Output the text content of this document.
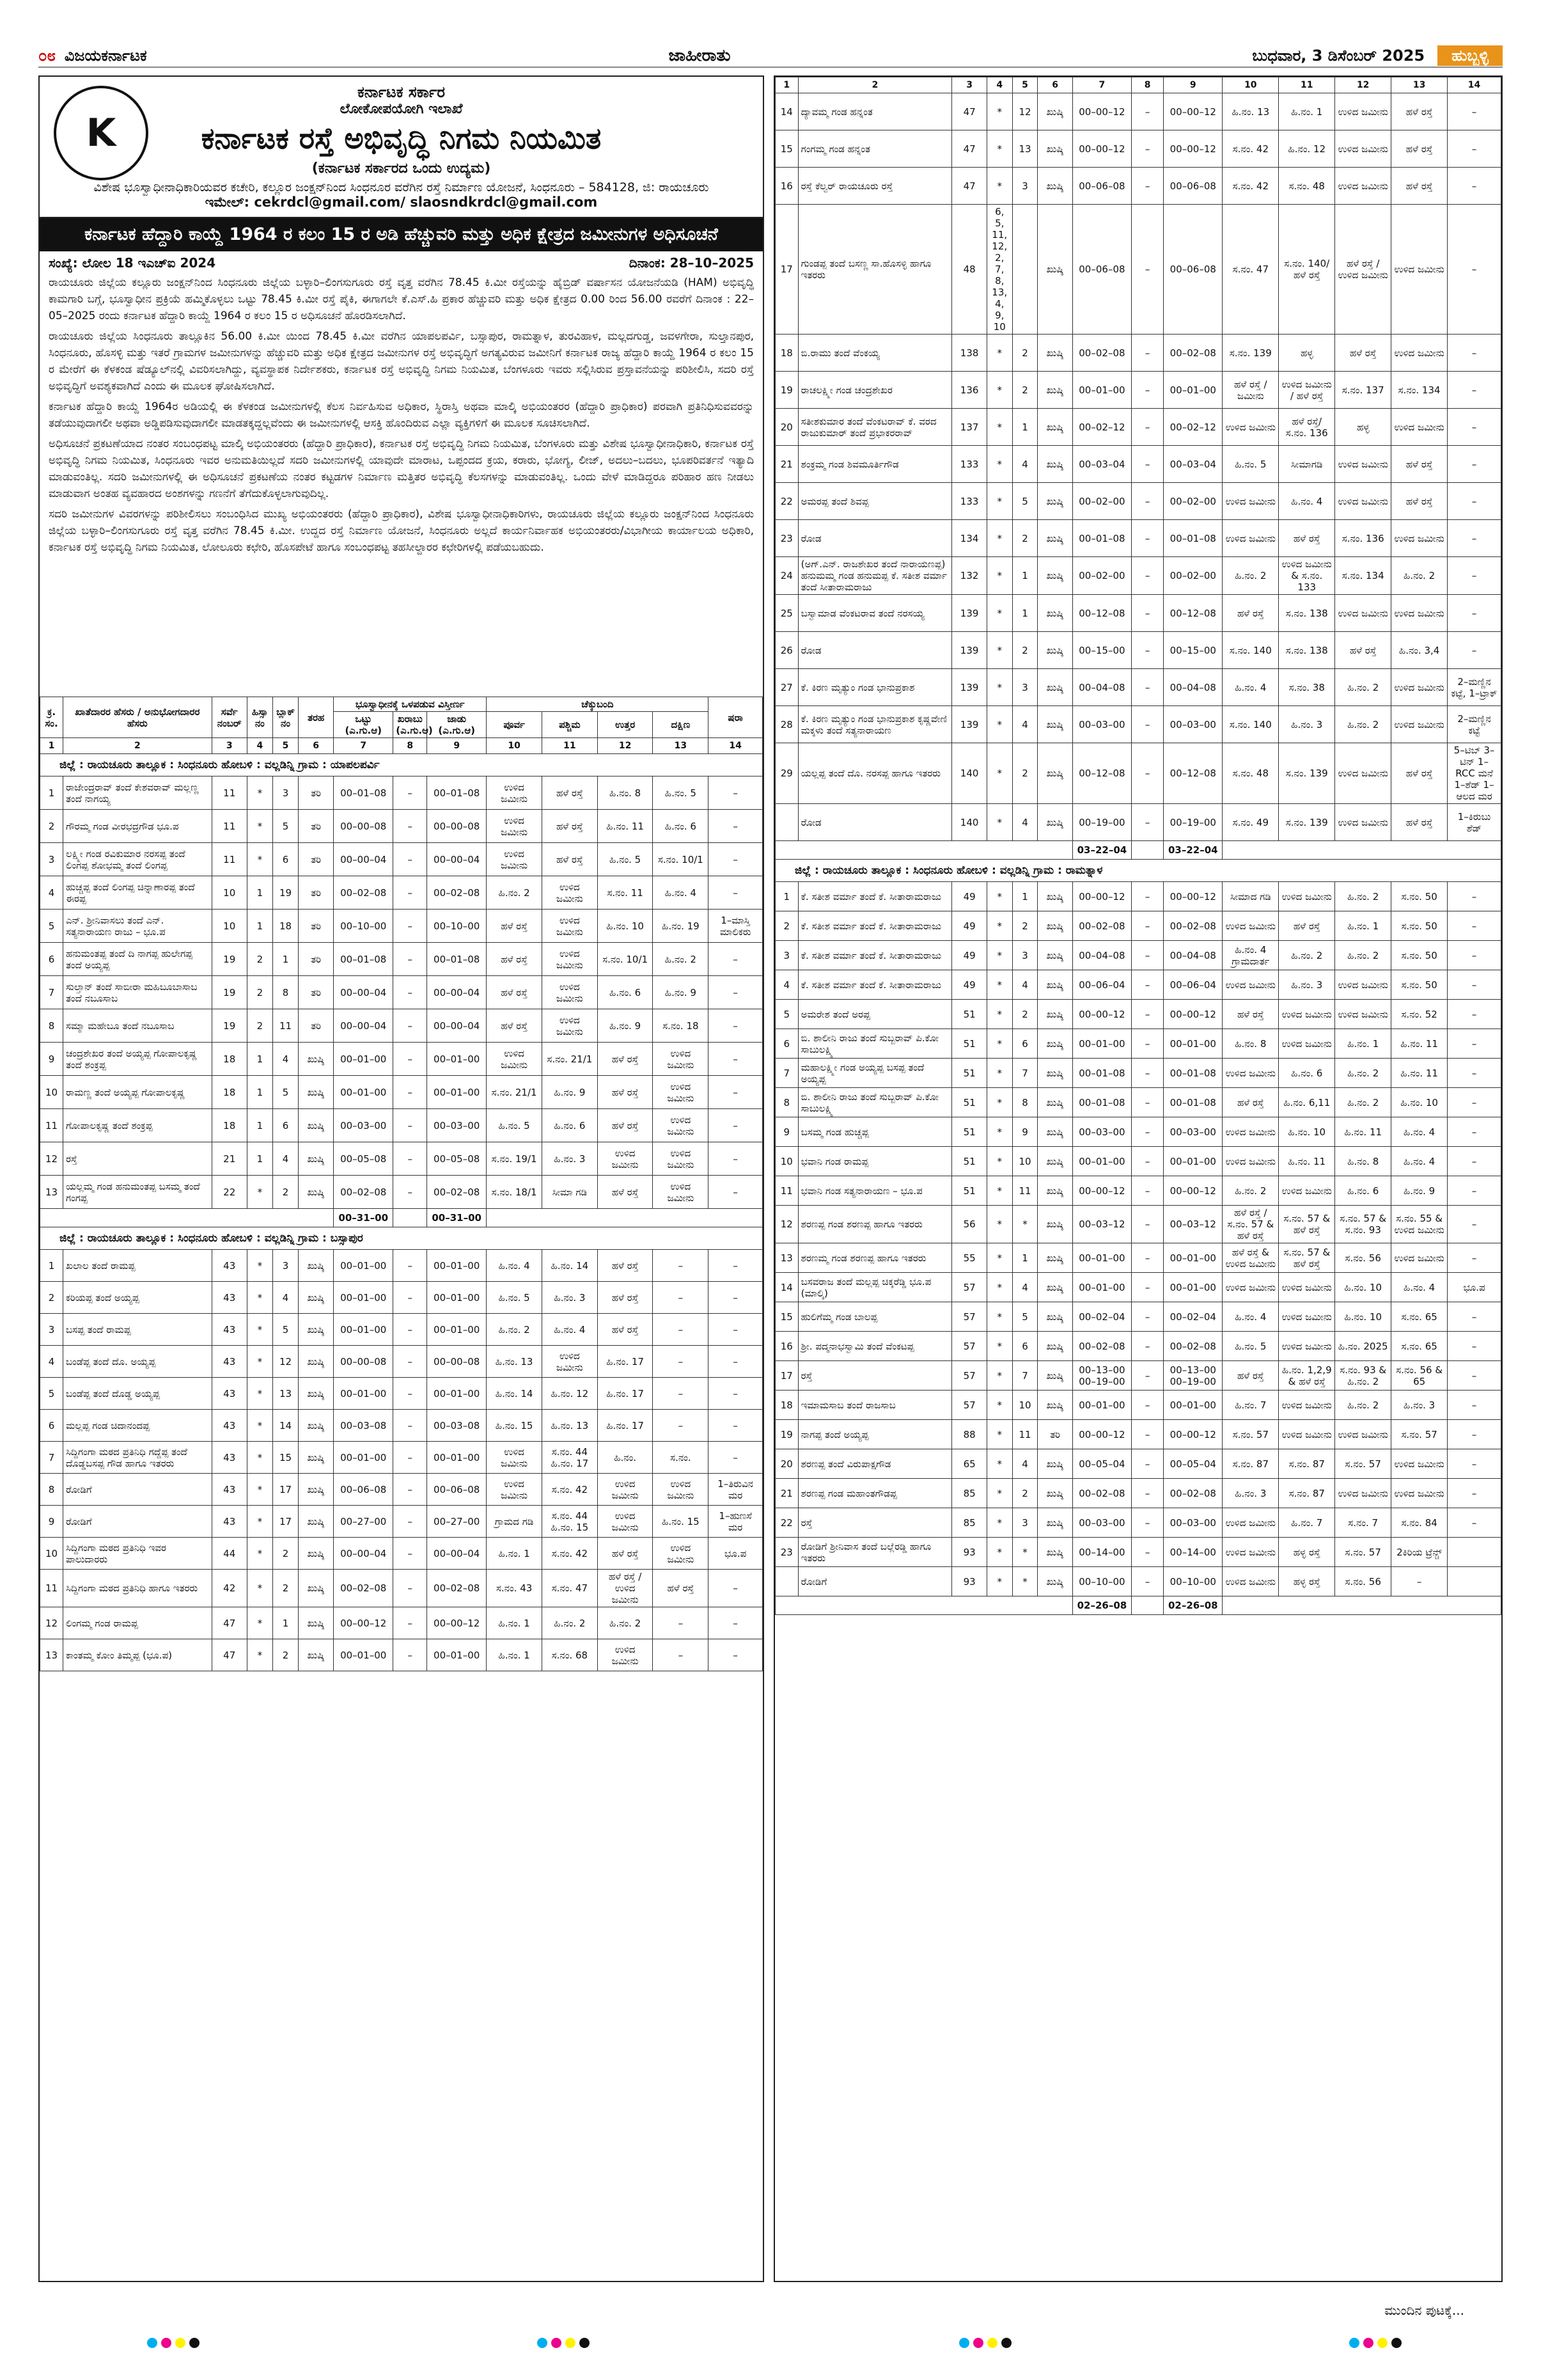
೦೮ ವಿಜಯಕರ್ನಾಟಕ	ಜಾಹೀರಾತು	ಬುಧವಾರ, 3 ಡಿಸೆಂಬರ್ 2025	ಹುಬ್ಬಳ್ಳಿ
K
ಕರ್ನಾಟಕ ಸರ್ಕಾರ
ಲೋಕೋಪಯೋಗಿ ಇಲಾಖೆ
ಕರ್ನಾಟಕ ರಸ್ತೆ ಅಭಿವೃದ್ಧಿ ನಿಗಮ ನಿಯಮಿತ
(ಕರ್ನಾಟಕ ಸರ್ಕಾರದ ಒಂದು ಉದ್ಯಮ)
ವಿಶೇಷ ಭೂಸ್ವಾಧೀನಾಧಿಕಾರಿಯವರ ಕಚೇರಿ, ಕಲ್ಲೂರ ಜಂಕ್ಷನ್‌ನಿಂದ ಸಿಂಧನೂರ ವರೆಗಿನ ರಸ್ತೆ ನಿರ್ಮಾಣ ಯೋಜನೆ, ಸಿಂಧನೂರು – 584128, ಜಿ: ರಾಯಚೂರು
ಇಮೇಲ್: cekrdcl@gmail.com/ slaosndkrdcl@gmail.com
ಕರ್ನಾಟಕ ಹೆದ್ದಾರಿ ಕಾಯ್ದೆ 1964 ರ ಕಲಂ 15 ರ ಅಡಿ ಹೆಚ್ಚುವರಿ ಮತ್ತು ಅಧಿಕ ಕ್ಷೇತ್ರದ ಜಮೀನುಗಳ ಅಧಿಸೂಚನೆ
ಸಂಖ್ಯೆ: ಲೋಲ 18 ಇಎಚ್‌ಐ 2024	ದಿನಾಂಕ: 28–10–2025

ರಾಯಚೂರು ಜಿಲ್ಲೆಯ ಕಲ್ಲೂರು ಜಂಕ್ಷನ್‌ನಿಂದ ಸಿಂಧನೂರು ಜಿಲ್ಲೆಯ ಬಳ್ಳಾರಿ–ಲಿಂಗಸುಗೂರು ರಸ್ತೆ ವೃತ್ತ ವರೆಗಿನ 78.45 ಕಿ.ಮೀ ರಸ್ತೆಯನ್ನು ಹೈಬ್ರಿಡ್ ವರ್ಷಾಸನ ಯೋಜನೆಯಡಿ (HAM) ಅಭಿವೃದ್ಧಿ ಕಾಮಗಾರಿ ಬಗ್ಗೆ, ಭೂಸ್ವಾಧೀನ ಪ್ರಕ್ರಿಯೆ ಹಮ್ಮಿಕೊಳ್ಳಲು ಒಟ್ಟು 78.45 ಕಿ.ಮೀ ರಸ್ತೆ ಪೈಕಿ, ಈಗಾಗಲೇ ಕೆ.ಎಸ್.ಹಿ ಪ್ರಕಾರ ಹೆಚ್ಚುವರಿ ಮತ್ತು ಅಧಿಕ ಕ್ಷೇತ್ರದ 0.00 ರಿಂದ 56.00 ರವರೆಗೆ ದಿನಾಂಕ : 22–05–2025 ರಂದು ಕರ್ನಾಟಕ ಹೆದ್ದಾರಿ ಕಾಯ್ದೆ 1964 ರ ಕಲಂ 15 ರ ಅಧಿಸೂಚನೆ ಹೊರಡಿಸಲಾಗಿದೆ.

ರಾಯಚೂರು ಜಿಲ್ಲೆಯ ಸಿಂಧನೂರು ತಾಲ್ಲೂಕಿನ 56.00 ಕಿ.ಮೀ ಯಿಂದ 78.45 ಕಿ.ಮೀ ವರೆಗಿನ ಯಾಪಲಪರ್ವಿ, ಬಸ್ಸಾಪುರ, ರಾಮತ್ನಾಳ, ತುರವಿಹಾಳ, ಮಲ್ಲದಗುಡ್ಡ, ಜವಳಗೇರಾ, ಸುಲ್ತಾನಪುರ, ಸಿಂಧನೂರು, ಹೊಸಳ್ಳಿ ಮತ್ತು ಇತರೆ ಗ್ರಾಮಗಳ ಜಮೀನುಗಳನ್ನು ಹೆಚ್ಚುವರಿ ಮತ್ತು ಅಧಿಕ ಕ್ಷೇತ್ರದ ಜಮೀನುಗಳ ರಸ್ತೆ ಅಭಿವೃದ್ಧಿಗೆ ಅಗತ್ಯವಿರುವ ಜಮೀನಿಗೆ ಕರ್ನಾಟಕ ರಾಜ್ಯ ಹೆದ್ದಾರಿ ಕಾಯ್ದೆ 1964 ರ ಕಲಂ 15 ರ ಮೇರೆಗೆ ಈ ಕೆಳಕಂಡ ಷೆಡ್ಯೂಲ್‌ನಲ್ಲಿ ವಿವರಿಸಲಾಗಿದ್ದು, ವ್ಯವಸ್ಥಾಪಕ ನಿರ್ದೇಶಕರು, ಕರ್ನಾಟಕ ರಸ್ತೆ ಅಭಿವೃದ್ಧಿ ನಿಗಮ ನಿಯಮಿತ, ಬೆಂಗಳೂರು ಇವರು ಸಲ್ಲಿಸಿರುವ ಪ್ರಸ್ತಾವನೆಯನ್ನು ಪರಿಶೀಲಿಸಿ, ಸದರಿ ರಸ್ತೆ ಅಭಿವೃದ್ಧಿಗೆ ಅವಶ್ಯಕವಾಗಿದೆ ಎಂದು ಈ ಮೂಲಕ ಘೋಷಿಸಲಾಗಿದೆ.

ಕರ್ನಾಟಕ ಹೆದ್ದಾರಿ ಕಾಯ್ದೆ 1964ರ ಅಡಿಯಲ್ಲಿ ಈ ಕೆಳಕಂಡ ಜಮೀನುಗಳಲ್ಲಿ ಕೆಲಸ ನಿರ್ವಹಿಸುವ ಅಧಿಕಾರ, ಸ್ಥಿರಾಸ್ತಿ ಅಥವಾ ಮಾಲ್ಕಿ ಅಭಿಯಂತರರ (ಹೆದ್ದಾರಿ ಪ್ರಾಧಿಕಾರ) ಪರವಾಗಿ ಪ್ರತಿನಿಧಿಸುವವರನ್ನು ತಡೆಯುವುದಾಗಲೀ ಅಥವಾ ಅಡ್ಡಿಪಡಿಸುವುದಾಗಲೀ ಮಾಡತಕ್ಕದ್ದಲ್ಲವೆಂದು ಈ ಜಮೀನುಗಳಲ್ಲಿ ಆಸಕ್ತಿ ಹೊಂದಿರುವ ಎಲ್ಲಾ ವ್ಯಕ್ತಿಗಳಿಗೆ ಈ ಮೂಲಕ ಸೂಚಿಸಲಾಗಿದೆ.

ಅಧಿಸೂಚನೆ ಪ್ರಕಟಣೆಯಾದ ನಂತರ ಸಂಬಂಧಪಟ್ಟ ಮಾಲ್ಕಿ ಅಭಿಯಂತರರು (ಹೆದ್ದಾರಿ ಪ್ರಾಧಿಕಾರ), ಕರ್ನಾಟಕ ರಸ್ತೆ ಅಭಿವೃದ್ಧಿ ನಿಗಮ ನಿಯಮಿತ, ಬೆಂಗಳೂರು ಮತ್ತು ವಿಶೇಷ ಭೂಸ್ವಾಧೀನಾಧಿಕಾರಿ, ಕರ್ನಾಟಕ ರಸ್ತೆ ಅಭಿವೃದ್ಧಿ ನಿಗಮ ನಿಯಮಿತ, ಸಿಂಧನೂರು ಇವರ ಅನುಮತಿಯಿಲ್ಲದೆ ಸದರಿ ಜಮೀನುಗಳಲ್ಲಿ ಯಾವುದೇ ಮಾರಾಟ, ಒಪ್ಪಂದದ ಕ್ರಯ, ಕರಾರು, ಭೋಗ್ಯ, ಲೀಜ್, ಅದಲು–ಬದಲು, ಭೂಪರಿವರ್ತನೆ ಇತ್ಯಾದಿ ಮಾಡುವಂತಿಲ್ಲ. ಸದರಿ ಜಮೀನುಗಳಲ್ಲಿ ಈ ಅಧಿಸೂಚನೆ ಪ್ರಕಟಣೆಯ ನಂತರ ಕಟ್ಟಡಗಳ ನಿರ್ಮಾಣ ಮತ್ತಿತರ ಅಭಿವೃದ್ಧಿ ಕೆಲಸಗಳನ್ನು ಮಾಡುವಂತಿಲ್ಲ. ಒಂದು ವೇಳೆ ಮಾಡಿದ್ದರೂ ಪರಿಹಾರ ಹಣ ನೀಡಲು ಮಾಡುವಾಗ ಅಂತಹ ವ್ಯವಹಾರದ ಅಂಶಗಳನ್ನು ಗಣನೆಗೆ ತೆಗೆದುಕೊಳ್ಳಲಾಗುವುದಿಲ್ಲ.

ಸದರಿ ಜಮೀನುಗಳ ವಿವರಗಳನ್ನು ಪರಿಶೀಲಿಸಲು ಸಂಬಂಧಿಸಿದ ಮುಖ್ಯ ಅಭಿಯಂತರರು (ಹೆದ್ದಾರಿ ಪ್ರಾಧಿಕಾರ), ವಿಶೇಷ ಭೂಸ್ವಾಧೀನಾಧಿಕಾರಿಗಳು, ರಾಯಚೂರು ಜಿಲ್ಲೆಯ ಕಲ್ಲೂರು ಜಂಕ್ಷನ್‌ನಿಂದ ಸಿಂಧನೂರು ಜಿಲ್ಲೆಯ ಬಳ್ಳಾರಿ–ಲಿಂಗಸುಗೂರು ರಸ್ತೆ ವೃತ್ತ ವರೆಗಿನ 78.45 ಕಿ.ಮೀ. ಉದ್ದದ ರಸ್ತೆ ನಿರ್ಮಾಣ ಯೋಜನೆ, ಸಿಂಧನೂರು ಅಲ್ಲದೆ ಕಾರ್ಯನಿರ್ವಾಹಕ ಅಭಿಯಂತರರು/ವಿಭಾಗೀಯ ಕಾರ್ಯಾಲಯ ಅಧಿಕಾರಿ, ಕರ್ನಾಟಕ ರಸ್ತೆ ಅಭಿವೃದ್ಧಿ ನಿಗಮ ನಿಯಮಿತ, ಲೋಲೂರು ಕಛೇರಿ, ಹೊಸಪೇಟೆ ಹಾಗೂ ಸಂಬಂಧಪಟ್ಟ ತಹಸೀಲ್ದಾರರ ಕಛೇರಿಗಳಲ್ಲಿ ಪಡೆಯಬಹುದು.

ಕ್ರ. ಸಂ.	ಖಾತೆದಾರರ ಹೆಸರು / ಅನುಭೋಗದಾರರ ಹೆಸರು	ಸರ್ವೆ ನಂಬರ್	ಹಿಸ್ಸಾ ನಂ	ಬ್ಲಾಕ್ ನಂ	ತರಹ	ಭೂಸ್ವಾಧೀನಕ್ಕೆ ಒಳಪಡುವ ವಿಸ್ತೀರ್ಣ			ಚೆಕ್ಕುಬಂದಿ				ಷರಾ
						ಒಟ್ಟು (ಎ.ಗು.ಆ)	ಖರಾಬು (ಎ.ಗು.ಆ)	ಜಾಡು (ಎ.ಗು.ಆ)	ಪೂರ್ವ	ಪಶ್ಚಿಮ	ಉತ್ತರ	ದಕ್ಷಿಣ	
1	2	3	4	5	6	7	8	9	10	11	12	13	14
ಜಿಲ್ಲೆ : ರಾಯಚೂರು ತಾಲ್ಲೂಕ : ಸಿಂಧನೂರು ಹೋಬಳಿ : ವಲ್ಲಡಿನ್ನಿ ಗ್ರಾಮ : ಯಾಪಲಪರ್ವಿ													
1	ರಾಜೇಂದ್ರರಾವ್ ತಂದೆ ಕೇಶವರಾವ್ ಮಲ್ಲಣ್ಣ ತಂದೆ ನಾಗಯ್ಯ	11	*	3	ತರಿ	00–01–08	–	00–01–08	ಉಳಿದ ಜಮೀನು	ಹಳೆ ರಸ್ತೆ	ಹಿ.ನಂ. 8	ಹಿ.ನಂ. 5	–
2	ಗೌರಮ್ಮ ಗಂಡ ವೀರಭದ್ರಗೌಡ ಭೂ.ಪ	11	*	5	ತರಿ	00–00–08	–	00–00–08	ಉಳಿದ ಜಮೀನು	ಹಳೆ ರಸ್ತೆ	ಹಿ.ನಂ. 11	ಹಿ.ನಂ. 6	–
3	ಲಕ್ಷ್ಮೀ ಗಂಡ ರವಿಕುಮಾರ ನರಸಪ್ಪ ತಂದೆ ಲಿಂಗಪ್ಪ ಶೋಭಮ್ಮ ತಂದೆ ಲಿಂಗಪ್ಪ	11	*	6	ತರಿ	00–00–04	–	00–00–04	ಉಳಿದ ಜಮೀನು	ಹಳೆ ರಸ್ತೆ	ಹಿ.ನಂ. 5	ಸ.ನಂ. 10/1	–
4	ಹುಚ್ಚಪ್ಪ ತಂದೆ ಲಿಂಗಪ್ಪ ಚಿನ್ನಾಣಾರಪ್ಪ ತಂದೆ ಈರಪ್ಪ	10	1	19	ತರಿ	00–02–08	–	00–02–08	ಹಿ.ನಂ. 2	ಉಳಿದ ಜಮೀನು	ಸ.ನಂ. 11	ಹಿ.ನಂ. 4	–
5	ಎನ್. ಶ್ರೀನಿವಾಸಲು ತಂದೆ ಎನ್. ಸತ್ಯನಾರಾಯಣ ರಾಜು – ಭೂ.ಪ	10	1	18	ತರಿ	00–10–00	–	00–10–00	ಹಳೆ ರಸ್ತೆ	ಉಳಿದ ಜಮೀನು	ಹಿ.ನಂ. 10	ಹಿ.ನಂ. 19	1–ಮಾಸ್ತಿ ಮಾಲಿಕರು
6	ಹನುಮಂತಪ್ಪ ತಂದೆ ದಿ ನಾಗಪ್ಪ ಹುಲೇಗಪ್ಪ ತಂದೆ ಅಯ್ಯಪ್ಪ	19	2	1	ತರಿ	00–01–08	–	00–01–08	ಹಳೆ ರಸ್ತೆ	ಉಳಿದ ಜಮೀನು	ಸ.ನಂ. 10/1	ಹಿ.ನಂ. 2	–
7	ಸುಲ್ತಾನ್ ತಂದೆ ಸಾಬೀರಾ ಮಹಿಬೂಬಾಸಾಬ ತಂದೆ ನಬೂಸಾಬ	19	2	8	ತರಿ	00–00–04	–	00–00–04	ಹಳೆ ರಸ್ತೆ	ಉಳಿದ ಜಮೀನು	ಹಿ.ನಂ. 6	ಹಿ.ನಂ. 9	–
8	ಸಮ್ಮಾ ಮಹೇಬೂ ತಂದೆ ನಬೂಸಾಬ	19	2	11	ತರಿ	00–00–04	–	00–00–04	ಹಳೆ ರಸ್ತೆ	ಉಳಿದ ಜಮೀನು	ಹಿ.ನಂ. 9	ಸ.ನಂ. 18	–
9	ಚಂದ್ರಶೇಖರ ತಂದೆ ಅಯ್ಯಪ್ಪ ಗೋಪಾಲಕೃಷ್ಣ ತಂದೆ ಶಂಕ್ರಪ್ಪ	18	1	4	ಖುಷ್ಕಿ	00–01–00	–	00–01–00	ಉಳಿದ ಜಮೀನು	ಸ.ನಂ. 21/1	ಹಳೆ ರಸ್ತೆ	ಉಳಿದ ಜಮೀನು	–
10	ರಾಮಣ್ಣ ತಂದೆ ಅಯ್ಯಪ್ಪ ಗೋಪಾಲಕೃಷ್ಣ	18	1	5	ಖುಷ್ಕಿ	00–01–00	–	00–01–00	ಸ.ನಂ. 21/1	ಹಿ.ನಂ. 9	ಹಳೆ ರಸ್ತೆ	ಉಳಿದ ಜಮೀನು	–
11	ಗೋಪಾಲಕೃಷ್ಣ ತಂದೆ ಶಂಕ್ರಪ್ಪ	18	1	6	ಖುಷ್ಕಿ	00–03–00	–	00–03–00	ಹಿ.ನಂ. 5	ಹಿ.ನಂ. 6	ಹಳೆ ರಸ್ತೆ	ಉಳಿದ ಜಮೀನು	–
12	ರಸ್ತೆ	21	1	4	ಖುಷ್ಕಿ	00–05–08	–	00–05–08	ಸ.ನಂ. 19/1	ಹಿ.ನಂ. 3	ಉಳಿದ ಜಮೀನು	ಉಳಿದ ಜಮೀನು	–
13	ಯಲ್ಲಮ್ಮ ಗಂಡ ಹನುಮಂತಪ್ಪ ಬಸಮ್ಮ ತಂದೆ ಗಂಗಪ್ಪ	22	*	2	ಖುಷ್ಕಿ	00–02–08	–	00–02–08	ಸ.ನಂ. 18/1	ಸೀಮಾ ಗಡಿ	ಹಳೆ ರಸ್ತೆ	ಉಳಿದ ಜಮೀನು	–
						00–31–00		00–31–00					
ಜಿಲ್ಲೆ : ರಾಯಚೂರು ತಾಲ್ಲೂಕ : ಸಿಂಧನೂರು ಹೋಬಳಿ : ವಲ್ಲಡಿನ್ನಿ ಗ್ರಾಮ : ಬಸ್ಸಾಪುರ													
1	ಖಲಾಲ ತಂದೆ ರಾಮಪ್ಪ	43	*	3	ಖುಷ್ಕಿ	00–01–00	–	00–01–00	ಹಿ.ನಂ. 4	ಹಿ.ನಂ. 14	ಹಳೆ ರಸ್ತೆ	–	–
2	ಕರಿಯಪ್ಪ ತಂದೆ ಅಯ್ಯಪ್ಪ	43	*	4	ಖುಷ್ಕಿ	00–01–00	–	00–01–00	ಹಿ.ನಂ. 5	ಹಿ.ನಂ. 3	ಹಳೆ ರಸ್ತೆ	–	–
3	ಬಸಪ್ಪ ತಂದೆ ರಾಮಪ್ಪ	43	*	5	ಖುಷ್ಕಿ	00–01–00	–	00–01–00	ಹಿ.ನಂ. 2	ಹಿ.ನಂ. 4	ಹಳೆ ರಸ್ತೆ	–	–
4	ಬಂಡೆಪ್ಪ ತಂದೆ ದೊ. ಅಯ್ಯಪ್ಪ	43	*	12	ಖುಷ್ಕಿ	00–00–08	–	00–00–08	ಹಿ.ನಂ. 13	ಉಳಿದ ಜಮೀನು	ಹಿ.ನಂ. 17	–	–
5	ಬಂಡೆಪ್ಪ ತಂದೆ ದೊಡ್ಡ ಅಯ್ಯಪ್ಪ	43	*	13	ಖುಷ್ಕಿ	00–01–00	–	00–01–00	ಹಿ.ನಂ. 14	ಹಿ.ನಂ. 12	ಹಿ.ನಂ. 17	–	–
6	ಮಲ್ಲಪ್ಪ ಗಂಡ ಚಿದಾನಂದಪ್ಪ	43	*	14	ಖುಷ್ಕಿ	00–03–08	–	00–03–08	ಹಿ.ನಂ. 15	ಹಿ.ನಂ. 13	ಹಿ.ನಂ. 17	–	–
7	ಸಿದ್ದಿಗಂಗಾ ಮಠದ ಪ್ರತಿನಿಧಿ ಗದ್ದೆಪ್ಪ ತಂದೆ ದೊಡ್ಡಬಸಪ್ಪ ಗೌಡ ಹಾಗೂ ಇತರರು	43	*	15	ಖುಷ್ಕಿ	00–01–00	–	00–01–00	ಉಳಿದ ಜಮೀನು	ಸ.ನಂ. 44 ಹಿ.ನಂ. 17	ಹಿ.ನಂ.	ಸ.ನಂ.	–
8	ರೋಡಿಗೆ	43	*	17	ಖುಷ್ಕಿ	00–06–08	–	00–06–08	ಉಳಿದ ಜಮೀನು	ಸ.ನಂ. 42	ಉಳಿದ ಜಮೀನು	ಉಳಿದ ಜಮೀನು	1–ತಿರುವಿನ ಮರ
9	ರೋಡಿಗೆ	43	*	17	ಖುಷ್ಕಿ	00–27–00	–	00–27–00	ಗ್ರಾಮದ ಗಡಿ	ಸ.ನಂ. 44 ಹಿ.ನಂ. 15	ಉಳಿದ ಜಮೀನು	ಹಿ.ನಂ. 15	1–ಹುಣಸೆ ಮರ
10	ಸಿದ್ದಿಗಂಗಾ ಮಠದ ಪ್ರತಿನಿಧಿ ಇವರ ಪಾಲುದಾರರು	44	*	2	ಖುಷ್ಕಿ	00–00–04	–	00–00–04	ಹಿ.ನಂ. 1	ಸ.ನಂ. 42	ಹಳೆ ರಸ್ತೆ	ಉಳಿದ ಜಮೀನು	ಭೂ.ಪ
11	ಸಿದ್ದಿಗಂಗಾ ಮಠದ ಪ್ರತಿನಿಧಿ ಹಾಗೂ ಇತರರು	42	*	2	ಖುಷ್ಕಿ	00–02–08	–	00–02–08	ಸ.ನಂ. 43	ಸ.ನಂ. 47	ಹಳೆ ರಸ್ತೆ / ಉಳಿದ ಜಮೀನು	ಹಳೆ ರಸ್ತೆ	–
12	ಲಿಂಗಮ್ಮ ಗಂಡ ರಾಮಪ್ಪ	47	*	1	ಖುಷ್ಕಿ	00–00–12	–	00–00–12	ಹಿ.ನಂ. 1	ಹಿ.ನಂ. 2	ಹಿ.ನಂ. 2	–	–
13	ಕಾಂತಮ್ಮ ಕೋಂ ತಿಮ್ಮಪ್ಪ (ಭೂ.ಪ)	47	*	2	ಖುಷ್ಕಿ	00–01–00	–	00–01–00	ಹಿ.ನಂ. 1	ಸ.ನಂ. 68	ಉಳಿದ ಜಮೀನು	–	–
1	2	3	4	5	6	7	8	9	10	11	12	13	14
14	ದ್ಯಾವಮ್ಮ ಗಂಡ ಹನ್ನಂತ	47	*	12	ಖುಷ್ಕಿ	00–00–12	–	00–00–12	ಹಿ.ನಂ. 13	ಹಿ.ನಂ. 1	ಉಳಿದ ಜಮೀನು	ಹಳೆ ರಸ್ತೆ	–
15	ಗಂಗಮ್ಮ ಗಂಡ ಹನ್ನಂತ	47	*	13	ಖುಷ್ಕಿ	00–00–12	–	00–00–12	ಸ.ನಂ. 42	ಹಿ.ನಂ. 12	ಉಳಿದ ಜಮೀನು	ಹಳೆ ರಸ್ತೆ	–
16	ರಸ್ತೆ ಕೆಲ್ವರ್ ರಾಯಚೂರು ರಸ್ತೆ	47	*	3	ಖುಷ್ಕಿ	00–06–08	–	00–06–08	ಸ.ನಂ. 42	ಸ.ನಂ. 48	ಉಳಿದ ಜಮೀನು	ಹಳೆ ರಸ್ತೆ	–
17	ಗುಂಡಪ್ಪ ತಂದೆ ಬಸಣ್ಣ ಸಾ.ಹೊಸಳ್ಳಿ ಹಾಗೂ ಇತರರು	48	6, 5, 11, 12, 2, 7, 8, 13, 4, 9, 10		ಖುಷ್ಕಿ	00–06–08	–	00–06–08	ಸ.ನಂ. 47	ಸ.ನಂ. 140/ ಹಳೆ ರಸ್ತೆ	ಹಳೆ ರಸ್ತೆ / ಉಳಿದ ಜಮೀನು	ಉಳಿದ ಜಮೀನು	–
18	ಬಿ.ರಾಮು ತಂದೆ ವೆಂಕಯ್ಯ	138	*	2	ಖುಷ್ಕಿ	00–02–08	–	00–02–08	ಸ.ನಂ. 139	ಹಳ್ಳ	ಹಳೆ ರಸ್ತೆ	ಉಳಿದ ಜಮೀನು	–
19	ರಾಚಲಕ್ಷ್ಮೀ ಗಂಡ ಚಂದ್ರಶೇಖರ	136	*	2	ಖುಷ್ಕಿ	00–01–00	–	00–01–00	ಹಳೆ ರಸ್ತೆ / ಜಮೀನು	ಉಳಿದ ಜಮೀನು / ಹಳೆ ರಸ್ತೆ	ಸ.ನಂ. 137	ಸ.ನಂ. 134	–
20	ಸತೀಶಕುಮಾರ ತಂದೆ ವೆಂಕಟರಾವ್ ಕೆ. ವರದ ರಾಜುಕುಮಾರ್ ತಂದೆ ಪ್ರಭಾಕರರಾವ್	137	*	1	ಖುಷ್ಕಿ	00–02–12	–	00–02–12	ಉಳಿದ ಜಮೀನು	ಹಳೆ ರಸ್ತೆ/ಸ.ನಂ. 136	ಹಳ್ಳ	ಉಳಿದ ಜಮೀನು	–
21	ಶಂಕ್ರಮ್ಮ ಗಂಡ ಶಿವಮೂರ್ತಿಗೌಡ	133	*	4	ಖುಷ್ಕಿ	00–03–04	–	00–03–04	ಹಿ.ನಂ. 5	ಸೀಮಾಗಡಿ	ಉಳಿದ ಜಮೀನು	ಹಳೆ ರಸ್ತೆ	–
22	ಅಮರಪ್ಪ ತಂದೆ ಶಿವಪ್ಪ	133	*	5	ಖುಷ್ಕಿ	00–02–00	–	00–02–00	ಉಳಿದ ಜಮೀನು	ಹಿ.ನಂ. 4	ಉಳಿದ ಜಮೀನು	ಹಳೆ ರಸ್ತೆ	–
23	ರೋಡ	134	*	2	ಖುಷ್ಕಿ	00–01–08	–	00–01–08	ಉಳಿದ ಜಮೀನು	ಹಳೆ ರಸ್ತೆ	ಸ.ನಂ. 136	ಉಳಿದ ಜಮೀನು	–
24	(ಅಗ್.ಎನ್. ರಾಜಶೇಖರ ತಂದೆ ನಾರಾಯಣಪ್ಪ) ಹನುಮಮ್ಮ ಗಂಡ ಹನುಮಪ್ಪ ಕೆ. ಸತೀಶ ವರ್ಮಾ ತಂದೆ ಸೀತಾರಾಮರಾಜು	132	*	1	ಖುಷ್ಕಿ	00–02–00	–	00–02–00	ಹಿ.ನಂ. 2	ಉಳಿದ ಜಮೀನು & ಸ.ನಂ. 133	ಸ.ನಂ. 134	ಹಿ.ನಂ. 2	–
25	ಬಸ್ವಾಮಾಡ ವೆಂಕಟರಾವ ತಂದೆ ನರಸಯ್ಯ	139	*	1	ಖುಷ್ಕಿ	00–12–08	–	00–12–08	ಹಳೆ ರಸ್ತೆ	ಸ.ನಂ. 138	ಉಳಿದ ಜಮೀನು	ಉಳಿದ ಜಮೀನು	–
26	ರೋಡ	139	*	2	ಖುಷ್ಕಿ	00–15–00	–	00–15–00	ಸ.ನಂ. 140	ಸ.ನಂ. 138	ಹಳೆ ರಸ್ತೆ	ಹಿ.ನಂ. 3,4	–
27	ಕೆ. ಕಿರಣ ಮೃತ್ಯುಂ ಗಂಡ ಭಾನುಪ್ರಕಾಶ	139	*	3	ಖುಷ್ಕಿ	00–04–08	–	00–04–08	ಹಿ.ನಂ. 4	ಸ.ನಂ. 38	ಹಿ.ನಂ. 2	ಉಳಿದ ಜಮೀನು	2–ಮಣ್ಣಿನ ಕಟ್ಟೆ, 1–ಟ್ರಾಕ್
28	ಕೆ. ಕಿರಣ ಮೃತ್ಯುಂ ಗಂಡ ಭಾನುಪ್ರಕಾಶ ಕೃಷ್ಣವೇಣಿ ಮಕ್ಕಳು ತಂದೆ ಸತ್ಯನಾರಾಯಣ	139	*	4	ಖುಷ್ಕಿ	00–03–00	–	00–03–00	ಸ.ನಂ. 140	ಹಿ.ನಂ. 3	ಹಿ.ನಂ. 2	ಉಳಿದ ಜಮೀನು	2–ಮಣ್ಣಿನ ಕಟ್ಟೆ
29	ಯಲ್ಲಪ್ಪ ತಂದೆ ದೊ. ನರಸಪ್ಪ ಹಾಗೂ ಇತರರು	140	*	2	ಖುಷ್ಕಿ	00–12–08	–	00–12–08	ಸ.ನಂ. 48	ಸ.ನಂ. 139	ಉಳಿದ ಜಮೀನು	ಹಳೆ ರಸ್ತೆ	5–ಟಿಬ್ 3–ಟಿನ್ 1–RCC ಮನೆ 1–ಶೆಡ್ 1–ಆಲದ ಮರ
	ರೋಡ	140	*	4	ಖುಷ್ಕಿ	00–19–00	–	00–19–00	ಸ.ನಂ. 49	ಸ.ನಂ. 139	ಉಳಿದ ಜಮೀನು	ಹಳೆ ರಸ್ತೆ	1–ಕಿರುಬು ಶೆಡ್
						03–22–04		03–22–04					
ಜಿಲ್ಲೆ : ರಾಯಚೂರು ತಾಲ್ಲೂಕ : ಸಿಂಧನೂರು ಹೋಬಳಿ : ವಲ್ಲಡಿನ್ನಿ ಗ್ರಾಮ : ರಾಮತ್ನಾಳ													
1	ಕೆ. ಸತೀಶ ವರ್ಮಾ ತಂದೆ ಕೆ. ಸೀತಾರಾಮರಾಜು	49	*	1	ಖುಷ್ಕಿ	00–00–12	–	00–00–12	ಸೀಮಾದ ಗಡಿ	ಉಳಿದ ಜಮೀನು	ಹಿ.ನಂ. 2	ಸ.ನಂ. 50	–
2	ಕೆ. ಸತೀಶ ವರ್ಮಾ ತಂದೆ ಕೆ. ಸೀತಾರಾಮರಾಜು	49	*	2	ಖುಷ್ಕಿ	00–02–08	–	00–02–08	ಉಳಿದ ಜಮೀನು	ಹಳೆ ರಸ್ತೆ	ಹಿ.ನಂ. 1	ಸ.ನಂ. 50	–
3	ಕೆ. ಸತೀಶ ವರ್ಮಾ ತಂದೆ ಕೆ. ಸೀತಾರಾಮರಾಜು	49	*	3	ಖುಷ್ಕಿ	00–04–08	–	00–04–08	ಹಿ.ನಂ. 4 ಗ್ರಾಮದಾರ್ತ	ಹಿ.ನಂ. 2	ಹಿ.ನಂ. 2	ಸ.ನಂ. 50	–
4	ಕೆ. ಸತೀಶ ವರ್ಮಾ ತಂದೆ ಕೆ. ಸೀತಾರಾಮರಾಜು	49	*	4	ಖುಷ್ಕಿ	00–06–04	–	00–06–04	ಉಳಿದ ಜಮೀನು	ಹಿ.ನಂ. 3	ಉಳಿದ ಜಮೀನು	ಸ.ನಂ. 50	–
5	ಅಮರೇಶ ತಂದೆ ಅರಪ್ಪ	51	*	2	ಖುಷ್ಕಿ	00–00–12	–	00–00–12	ಹಳೆ ರಸ್ತೆ	ಉಳಿದ ಜಮೀನು	ಉಳಿದ ಜಮೀನು	ಸ.ನಂ. 52	–
6	ಬಿ. ಶಾಲೀನಿ ರಾಜು ತಂದೆ ಸುಬ್ಬರಾವ್ ಪಿ.ಕೋ ಸಾಬುಲಕ್ಷ್ಮಿ	51	*	6	ಖುಷ್ಕಿ	00–01–00	–	00–01–00	ಹಿ.ನಂ. 8	ಉಳಿದ ಜಮೀನು	ಹಿ.ನಂ. 1	ಹಿ.ನಂ. 11	–
7	ಮಹಾಲಕ್ಷ್ಮೀ ಗಂಡ ಅಯ್ಯಪ್ಪ ಬಸಪ್ಪ ತಂದೆ ಅಯ್ಯಪ್ಪ	51	*	7	ಖುಷ್ಕಿ	00–01–08	–	00–01–08	ಉಳಿದ ಜಮೀನು	ಹಿ.ನಂ. 6	ಹಿ.ನಂ. 2	ಹಿ.ನಂ. 11	–
8	ಬಿ. ಶಾಲೀನಿ ರಾಜು ತಂದೆ ಸುಬ್ಬರಾವ್ ಪಿ.ಕೋ ಸಾಬುಲಕ್ಷ್ಮಿ	51	*	8	ಖುಷ್ಕಿ	00–01–08	–	00–01–08	ಹಳೆ ರಸ್ತೆ	ಹಿ.ನಂ. 6,11	ಹಿ.ನಂ. 2	ಹಿ.ನಂ. 10	–
9	ಬಸಮ್ಮ ಗಂಡ ಹುಚ್ಚಪ್ಪ	51	*	9	ಖುಷ್ಕಿ	00–03–00	–	00–03–00	ಉಳಿದ ಜಮೀನು	ಹಿ.ನಂ. 10	ಹಿ.ನಂ. 11	ಹಿ.ನಂ. 4	–
10	ಭವಾನಿ ಗಂಡ ರಾಮಪ್ಪ	51	*	10	ಖುಷ್ಕಿ	00–01–00	–	00–01–00	ಉಳಿದ ಜಮೀನು	ಹಿ.ನಂ. 11	ಹಿ.ನಂ. 8	ಹಿ.ನಂ. 4	–
11	ಭವಾನಿ ಗಂಡ ಸತ್ಯನಾರಾಯಣ – ಭೂ.ಪ	51	*	11	ಖುಷ್ಕಿ	00–00–12	–	00–00–12	ಹಿ.ನಂ. 2	ಉಳಿದ ಜಮೀನು	ಹಿ.ನಂ. 6	ಹಿ.ನಂ. 9	–
12	ಶರಣಪ್ಪ ಗಂಡ ಶರಣಪ್ಪ ಹಾಗೂ ಇತರರು	56	*	*	ಖುಷ್ಕಿ	00–03–12	–	00–03–12	ಹಳೆ ರಸ್ತೆ / ಸ.ನಂ. 57 & ಹಳೆ ರಸ್ತೆ	ಸ.ನಂ. 57 & ಹಳೆ ರಸ್ತೆ	ಸ.ನಂ. 57 & ಸ.ನಂ. 93	ಸ.ನಂ. 55 & ಉಳಿದ ಜಮೀನು	–
13	ಶರಣಮ್ಮ ಗಂಡ ಶರಣಪ್ಪ ಹಾಗೂ ಇತರರು	55	*	1	ಖುಷ್ಕಿ	00–01–00	–	00–01–00	ಹಳೆ ರಸ್ತೆ & ಉಳಿದ ಜಮೀನು	ಸ.ನಂ. 57 & ಹಳೆ ರಸ್ತೆ	ಸ.ನಂ. 56	ಉಳಿದ ಜಮೀನು	–
14	ಬಸವರಾಜ ತಂದೆ ಮಲ್ಲಪ್ಪ ಚಿಕ್ಕರೆಡ್ಡಿ ಭೂ.ಪ (ಮಾಲ್ಕಿ)	57	*	4	ಖುಷ್ಕಿ	00–01–00	–	00–01–00	ಉಳಿದ ಜಮೀನು	ಉಳಿದ ಜಮೀನು	ಹಿ.ನಂ. 10	ಹಿ.ನಂ. 4	ಭೂ.ಪ
15	ಹುಲಿಗೆಮ್ಮ ಗಂಡ ಬಾಲಪ್ಪ	57	*	5	ಖುಷ್ಕಿ	00–02–04	–	00–02–04	ಹಿ.ನಂ. 4	ಉಳಿದ ಜಮೀನು	ಹಿ.ನಂ. 10	ಸ.ನಂ. 65	–
16	ಶ್ರೀ. ಪದ್ಮನಾಭಸ್ವಾಮಿ ತಂದೆ ವೆಂಕಟಪ್ಪ	57	*	6	ಖುಷ್ಕಿ	00–02–08	–	00–02–08	ಹಿ.ನಂ. 5	ಉಳಿದ ಜಮೀನು	ಹಿ.ನಂ. 2025	ಸ.ನಂ. 65	–
17	ರಸ್ತೆ	57	*	7	ಖುಷ್ಕಿ	00–13–00 00–19–00	–	00–13–00 00–19–00	ಹಳೆ ರಸ್ತೆ	ಹಿ.ನಂ. 1,2,9 & ಹಳೆ ರಸ್ತೆ	ಸ.ನಂ. 93 & ಹಿ.ನಂ. 2	ಸ.ನಂ. 56 & 65	–
18	ಇಮಾಮಸಾಬ ತಂದೆ ರಾಜಸಾಬ	57	*	10	ಖುಷ್ಕಿ	00–01–00	–	00–01–00	ಹಿ.ನಂ. 7	ಉಳಿದ ಜಮೀನು	ಹಿ.ನಂ. 2	ಹಿ.ನಂ. 3	–
19	ನಾಗಪ್ಪ ತಂದೆ ಅಯ್ಯಪ್ಪ	88	*	11	ತರಿ	00–00–12	–	00–00–12	ಸ.ನಂ. 57	ಉಳಿದ ಜಮೀನು	ಉಳಿದ ಜಮೀನು	ಸ.ನಂ. 57	–
20	ಶರಣಪ್ಪ ತಂದೆ ವಿರುಪಾಕ್ಷಗೌಡ	65	*	4	ಖುಷ್ಕಿ	00–05–04	–	00–05–04	ಸ.ನಂ. 87	ಸ.ನಂ. 87	ಸ.ನಂ. 57	ಉಳಿದ ಜಮೀನು	–
21	ಶರಣಪ್ಪ ಗಂಡ ಮಹಾಂತಗೌಡಪ್ಪ	85	*	2	ಖುಷ್ಕಿ	00–02–08	–	00–02–08	ಹಿ.ನಂ. 3	ಸ.ನಂ. 87	ಉಳಿದ ಜಮೀನು	ಉಳಿದ ಜಮೀನು	–
22	ರಸ್ತೆ	85	*	3	ಖುಷ್ಕಿ	00–03–00	–	00–03–00	ಉಳಿದ ಜಮೀನು	ಹಿ.ನಂ. 7	ಸ.ನಂ. 7	ಸ.ನಂ. 84	–
23	ರೋಡಿಗೆ ಶ್ರೀನಿವಾಸ ತಂದೆ ಬಲ್ಲೆರಡ್ಡಿ ಹಾಗೂ ಇತರರು	93	*	*	ಖುಷ್ಕಿ	00–14–00	–	00–14–00	ಉಳಿದ ಜಮೀನು	ಹಳ್ಳ ರಸ್ತೆ	ಸ.ನಂ. 57	2ಕಿರಿಯ ಟ್ರೆನ್ಚ್	
	ರೋಡಿಗೆ	93	*	*	ಖುಷ್ಕಿ	00–10–00	–	00–10–00	ಉಳಿದ ಜಮೀನು	ಹಳ್ಳ ರಸ್ತೆ	ಸ.ನಂ. 56	–	
						02–26–08		02–26–08					
ಮುಂದಿನ ಪುಟಕ್ಕೆ...
